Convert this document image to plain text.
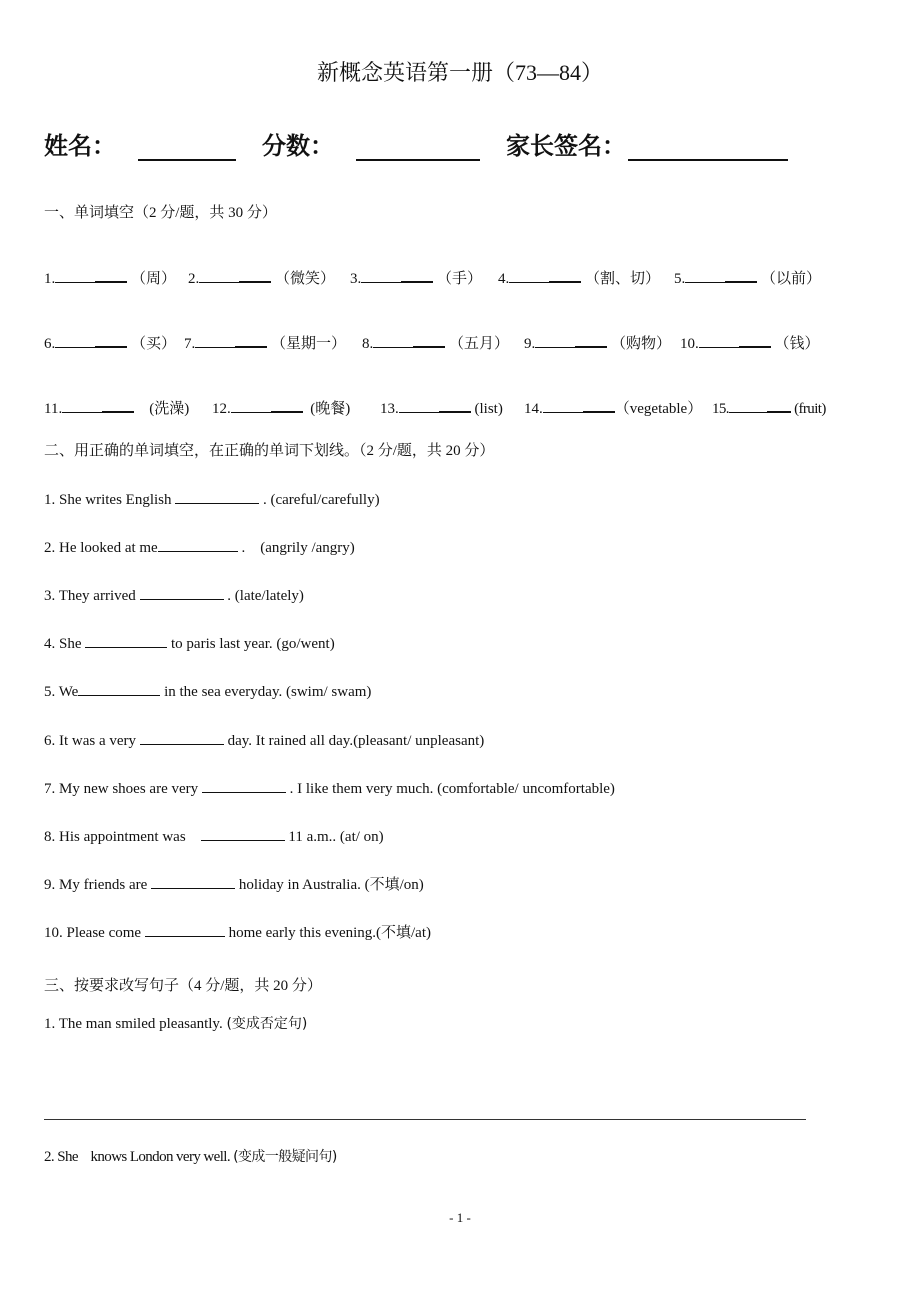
新概念英语第一册（73—84）
姓名：	分数：	家长签名：
一、单词填空（2 分/题，共 30 分）
1.	（周） 2.	（微笑） 3.	（手） 4.	（割、切） 5.	（以前）
6.	（买） 7.	（星期一） 8.	（五月） 9.	（购物） 10.	（钱）
11.	(洗澡) 12.	(晚餐) 13.	(list) 14.	（vegetable） 15.	(fruit)
二、用正确的单词填空，在正确的单词下划线。（2 分/题，共 20 分）
1. She writes English	. (careful/carefully)
2. He looked at me	.    (angrily /angry)
3. They arrived	. (late/lately)
4. She	to paris last year. (go/went)
5. We	in the sea everyday. (swim/ swam)
6. It was a very	day. It rained all day.(pleasant/ unpleasant)
7. My new shoes are very	. I like them very much. (comfortable/ uncomfortable)
8. His appointment was	11 a.m.. (at/ on)
9. My friends are	holiday in Australia. (不填/on)
10. Please come	home early this evening.(不填/at)
三、按要求改写句子（4 分/题，共 20 分）
1. The man smiled pleasantly. (变成否定句)
2. She    knows London very well. (变成一般疑问句)
- 1 -
